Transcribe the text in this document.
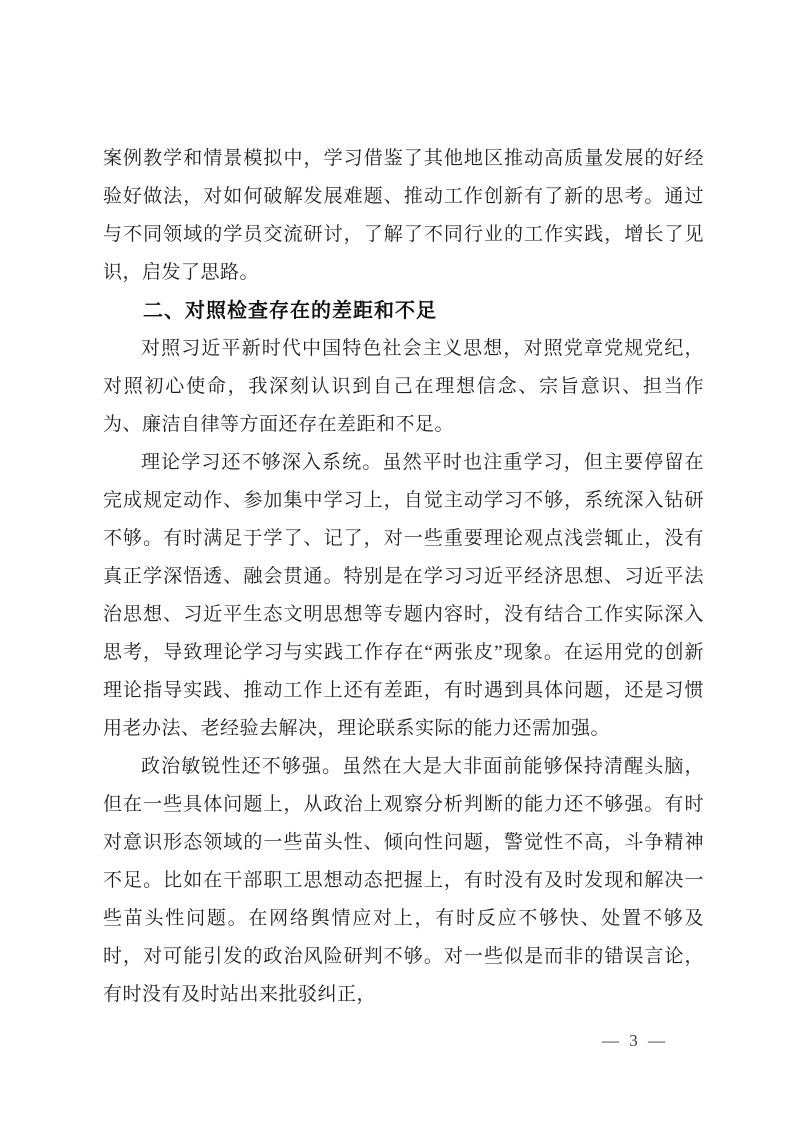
案例教学和情景模拟中，学习借鉴了其他地区推动高质量发展的好经验好做法，对如何破解发展难题、推动工作创新有了新的思考。通过与不同领域的学员交流研讨，了解了不同行业的工作实践，增长了见识，启发了思路。

二、对照检查存在的差距和不足

对照习近平新时代中国特色社会主义思想，对照党章党规党纪，对照初心使命，我深刻认识到自己在理想信念、宗旨意识、担当作为、廉洁自律等方面还存在差距和不足。

理论学习还不够深入系统。虽然平时也注重学习，但主要停留在完成规定动作、参加集中学习上，自觉主动学习不够，系统深入钻研不够。有时满足于学了、记了，对一些重要理论观点浅尝辄止，没有真正学深悟透、融会贯通。特别是在学习习近平经济思想、习近平法治思想、习近平生态文明思想等专题内容时，没有结合工作实际深入思考，导致理论学习与实践工作存在“两张皮”现象。在运用党的创新理论指导实践、推动工作上还有差距，有时遇到具体问题，还是习惯用老办法、老经验去解决，理论联系实际的能力还需加强。

政治敏锐性还不够强。虽然在大是大非面前能够保持清醒头脑，但在一些具体问题上，从政治上观察分析判断的能力还不够强。有时对意识形态领域的一些苗头性、倾向性问题，警觉性不高，斗争精神不足。比如在干部职工思想动态把握上，有时没有及时发现和解决一些苗头性问题。在网络舆情应对上，有时反应不够快、处置不够及时，对可能引发的政治风险研判不够。对一些似是而非的错误言论，有时没有及时站出来批驳纠正，

— 3 —
